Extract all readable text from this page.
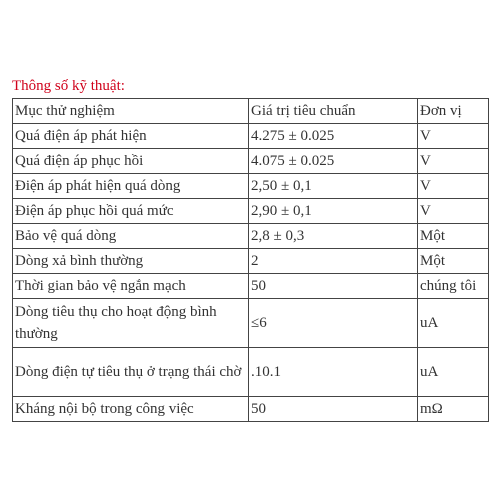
Thông số kỹ thuật:
Mục thử nghiệm	Giá trị tiêu chuẩn	Đơn vị
Quá điện áp phát hiện	4.275 ± 0.025	V
Quá điện áp phục hồi	4.075 ± 0.025	V
Điện áp phát hiện quá dòng	2,50 ± 0,1	V
Điện áp phục hồi quá mức	2,90 ± 0,1	V
Bảo vệ quá dòng	2,8 ± 0,3	Một
Dòng xả bình thường	2	Một
Thời gian bảo vệ ngắn mạch	50	chúng tôi
Dòng tiêu thụ cho hoạt động bình thường	≤6	uA
Dòng điện tự tiêu thụ ở trạng thái chờ	.10.1	uA
Kháng nội bộ trong công việc	50	mΩ
